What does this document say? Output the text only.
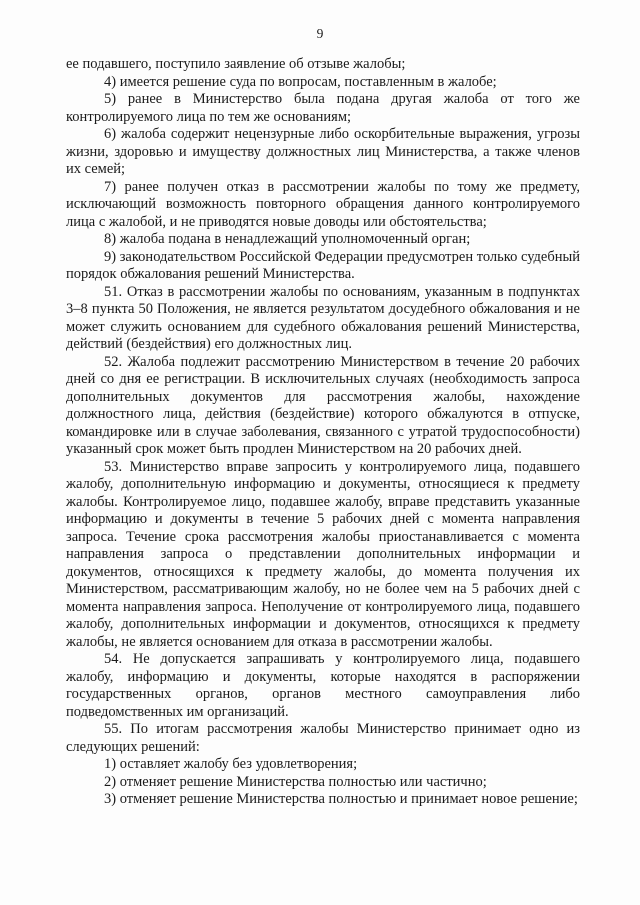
9

ее подавшего, поступило заявление об отзыве жалобы;

4) имеется решение суда по вопросам, поставленным в жалобе;

5) ранее в Министерство была подана другая жалоба от того же контролируемого лица по тем же основаниям;

6) жалоба содержит нецензурные либо оскорбительные выражения, угрозы жизни, здоровью и имуществу должностных лиц Министерства, а также членов их семей;

7) ранее получен отказ в рассмотрении жалобы по тому же предмету, исключающий возможность повторного обращения данного контролируемого лица с жалобой, и не приводятся новые доводы или обстоятельства;

8) жалоба подана в ненадлежащий уполномоченный орган;

9) законодательством Российской Федерации предусмотрен только судебный порядок обжалования решений Министерства.

51. Отказ в рассмотрении жалобы по основаниям, указанным в подпунктах 3–8 пункта 50 Положения, не является результатом досудебного обжалования и не может служить основанием для судебного обжалования решений Министерства, действий (бездействия) его должностных лиц.

52. Жалоба подлежит рассмотрению Министерством в течение 20 рабочих дней со дня ее регистрации. В исключительных случаях (необходимость запроса дополнительных документов для рассмотрения жалобы, нахождение должностного лица, действия (бездействие) которого обжалуются в отпуске, командировке или в случае заболевания, связанного с утратой трудоспособности) указанный срок может быть продлен Министерством на 20 рабочих дней.

53. Министерство вправе запросить у контролируемого лица, подавшего жалобу, дополнительную информацию и документы, относящиеся к предмету жалобы. Контролируемое лицо, подавшее жалобу, вправе представить указанные информацию и документы в течение 5 рабочих дней с момента направления запроса. Течение срока рассмотрения жалобы приостанавливается с момента направления запроса о представлении дополнительных информации и документов, относящихся к предмету жалобы, до момента получения их Министерством, рассматривающим жалобу, но не более чем на 5 рабочих дней с момента направления запроса. Неполучение от контролируемого лица, подавшего жалобу, дополнительных информации и документов, относящихся к предмету жалобы, не является основанием для отказа в рассмотрении жалобы.

54. Не допускается запрашивать у контролируемого лица, подавшего жалобу, информацию и документы, которые находятся в распоряжении государственных органов, органов местного самоуправления либо подведомственных им организаций.

55. По итогам рассмотрения жалобы Министерство принимает одно из следующих решений:

1) оставляет жалобу без удовлетворения;

2) отменяет решение Министерства полностью или частично;

3) отменяет решение Министерства полностью и принимает новое решение;
